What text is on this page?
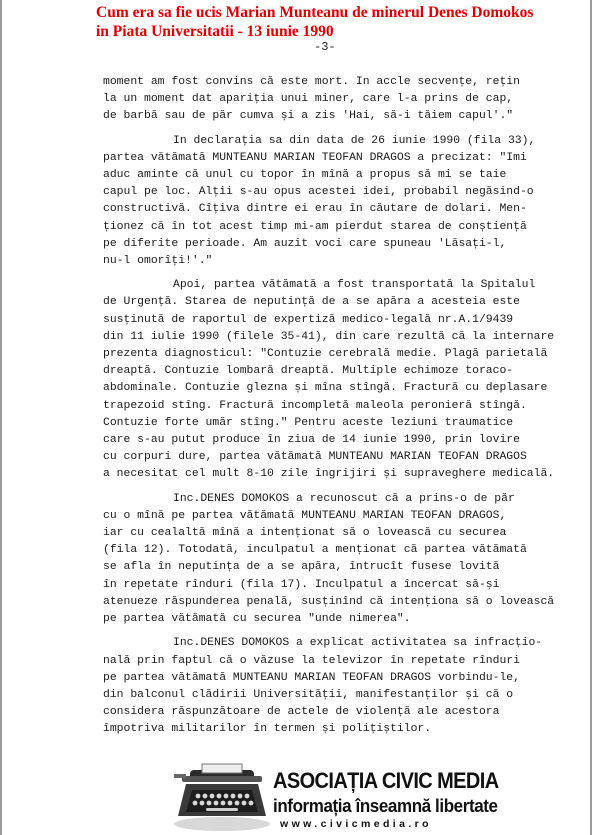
Cum era sa fie ucis Marian Munteanu de minerul Denes Domokos
in Piata Universitatii - 13 iunie 1990
-3-
moment am fost convins că este mort. In accle secvențe, rețin
la un moment dat apariția unui miner, care l-a prins de cap,
de barbă sau de păr cumva și a zis 'Hai, să-i tăiem capul'."
In declarația sa din data de 26 iunie 1990 (fila 33),
partea vătămată MUNTEANU MARIAN TEOFAN DRAGOS a precizat: "Imi
aduc aminte că unul cu topor în mînă a propus să mi se taie
capul pe loc. Alții s-au opus acestei idei, probabil negăsind-o
constructivă. Cîțiva dintre ei erau în căutare de dolari. Men-
ționez că în tot acest timp mi-am pierdut starea de conștiență
pe diferite perioade. Am auzit voci care spuneau 'Lăsați-l,
nu-l omorîți!'."
Apoi, partea vătămată a fost transportată la Spitalul
de Urgență. Starea de neputință de a se apăra a acesteia este
susținută de raportul de expertiză medico-legală nr.A.1/9439
din 11 iulie 1990 (filele 35-41), din care rezultă că la internare
prezenta diagnosticul: "Contuzie cerebrală medie. Plagă parietală
dreaptă. Contuzie lombară dreaptă. Multiple echimoze toraco-
abdominale. Contuzie glezna și mîna stîngă. Fractură cu deplasare
trapezoid stîng. Fractură incompletă maleola peronieră stîngă.
Contuzie forte umăr stîng." Pentru aceste leziuni traumatice
care s-au putut produce în ziua de 14 iunie 1990, prin lovire
cu corpuri dure, partea vătămată MUNTEANU MARIAN TEOFAN DRAGOS
a necesitat cel mult 8-10 zile îngrijiri și supraveghere medicală.
Inc.DENES DOMOKOS a recunoscut că a prins-o de păr
cu o mînă pe partea vătămată MUNTEANU MARIAN TEOFAN DRAGOS,
iar cu cealaltă mînă a intenționat să o lovească cu securea
(fila 12). Totodată, inculpatul a menționat că partea vătămată
se afla în neputința de a se apăra, întrucît fusese lovită
în repetate rînduri (fila 17). Inculpatul a încercat să-și
atenueze răspunderea penală, susținînd că intenționa să o lovească
pe partea vătămată cu securea "unde nimerea".
Inc.DENES DOMOKOS a explicat activitatea sa infracțio-
nală prin faptul că o văzuse la televizor în repetate rînduri
pe partea vătămată MUNTEANU MARIAN TEOFAN DRAGOS vorbindu-le,
din balconul clădirii Universității, manifestanților și că o
considera răspunzătoare de actele de violență ale acestora
împotriva militarilor în termen și polițiștilor.
ASOCIAȚIA CIVIC MEDIA
informația înseamnă libertate
www.civicmedia.ro
